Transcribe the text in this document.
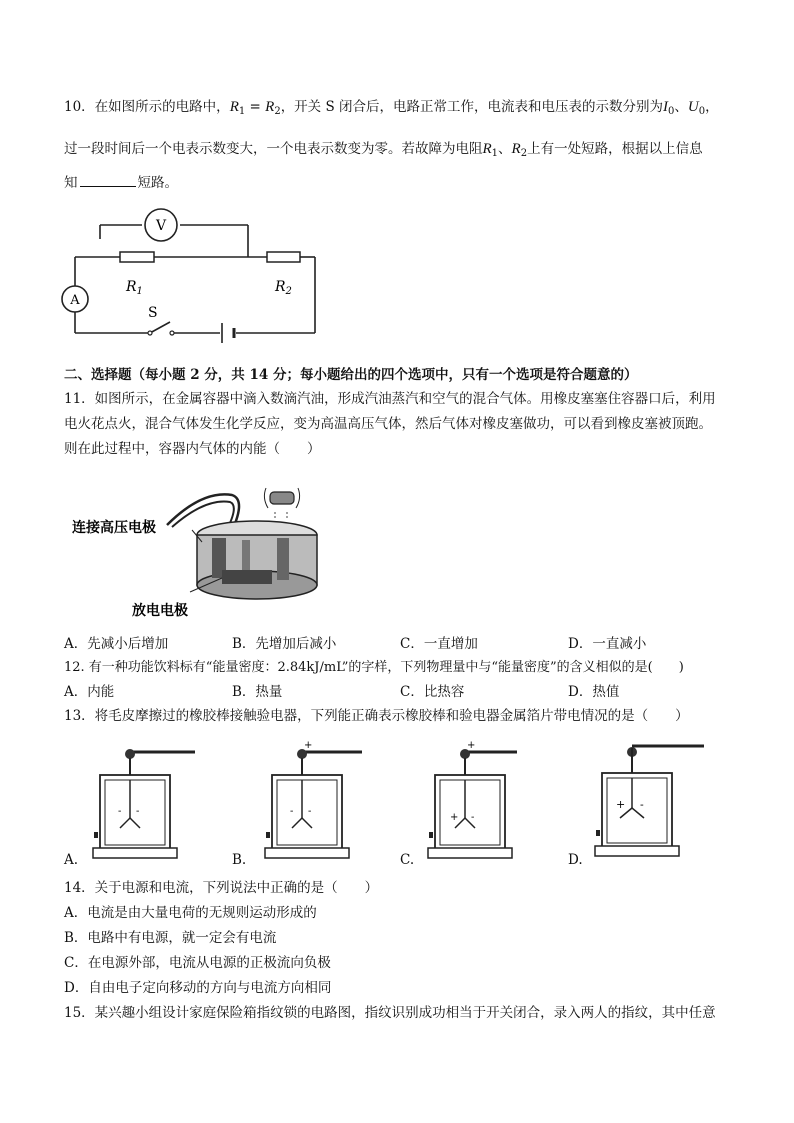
10．在如图所示的电路中，$R_1 = R_2$，开关 S 闭合后，电路正常工作，电流表和电压表的示数分别为$I_0$、$U_0$，
过一段时间后一个电表示数变大，一个电表示数变为零。若故障为电阻$R_1$、$R_2$上有一处短路，根据以上信息
知	短路。
V
A
$R_1$	$R_2$
S
二、选择题（每小题 2 分，共 14 分；每小题给出的四个选项中，只有一个选项是符合题意的）
11．如图所示，在金属容器中滴入数滴汽油，形成汽油蒸汽和空气的混合气体。用橡皮塞塞住容器口后，利用
电火花点火，混合气体发生化学反应，变为高温高压气体，然后气体对橡皮塞做功，可以看到橡皮塞被顶跑。
则在此过程中，容器内气体的内能（　　）
连接高压电极
放电电极
A．先减小后增加	B．先增加后减小	C．一直增加	D．一直减小
12. 有一种功能饮料标有“能量密度：2.84kJ/mL”的字样，下列物理量中与“能量密度”的含义相似的是(　　)
A．内能	B．热量	C．比热容	D．热值
13．将毛皮摩擦过的橡胶棒接触验电器，下列能正确表示橡胶棒和验电器金属箔片带电情况的是（　　）
- -
A.
+
- -
B.
+
+ -
C.
+ -
D.
14．关于电源和电流，下列说法中正确的是（　　）
A．电流是由大量电荷的无规则运动形成的
B．电路中有电源，就一定会有电流
C．在电源外部，电流从电源的正极流向负极
D．自由电子定向移动的方向与电流方向相同
15．某兴趣小组设计家庭保险箱指纹锁的电路图，指纹识别成功相当于开关闭合，录入两人的指纹，其中任意
